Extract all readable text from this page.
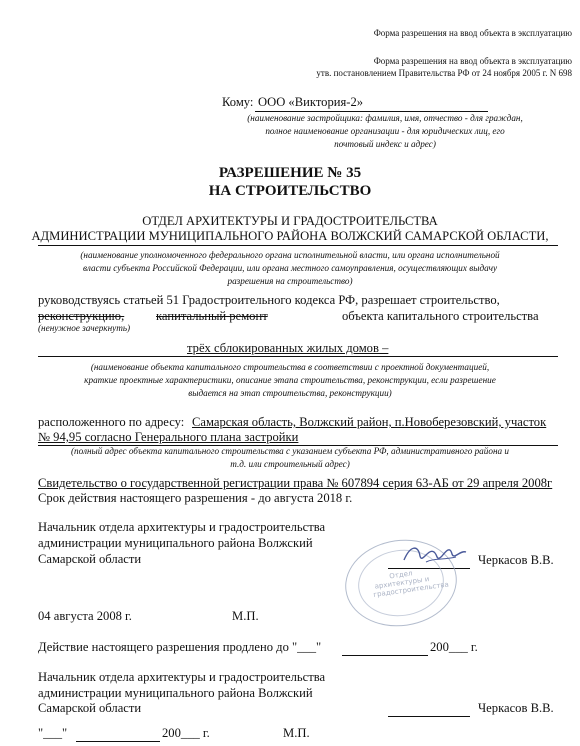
Форма разрешения на ввод объекта в эксплуатацию
Форма разрешения на ввод объекта в эксплуатацию
утв. постановлением Правительства РФ от 24 ноября 2005 г. N 698
Кому: ООО «Виктория-2»
(наименование застройщика: фамилия, имя, отчество - для граждан,
полное наименование организации - для юридических лиц, его
почтовый индекс и адрес)
РАЗРЕШЕНИЕ № 35
НА СТРОИТЕЛЬСТВО
ОТДЕЛ АРХИТЕКТУРЫ И ГРАДОСТРОИТЕЛЬСТВА
АДМИНИСТРАЦИИ МУНИЦИПАЛЬНОГО РАЙОНА ВОЛЖСКИЙ САМАРСКОЙ ОБЛАСТИ,
(наименование уполномоченного федерального органа исполнительной власти, или органа исполнительной
власти субъекта Российской Федерации, или органа местного самоуправления, осуществляющих выдачу
разрешения на строительство)
руководствуясь статьей 51 Градостроительного кодекса РФ, разрешает строительство,
реконструкцию,	капитальный ремонт	объекта капитального строительства
(ненужное зачеркнуть)
трёх сблокированных жилых домов –
(наименование объекта капитального строительства в соответствии с проектной документацией,
краткие проектные характеристики, описание этапа строительства, реконструкции, если разрешение
выдается на этап строительства, реконструкции)
расположенного по адресу: Самарская область, Волжский район, п.Новоберезовский, участок
№ 94,95 согласно Генерального плана застройки
(полный адрес объекта капитального строительства с указанием субъекта РФ, административного района и
т.д. или строительный адрес)
Свидетельство о государственной регистрации права № 607894 серия 63-АБ от 29 апреля 2008г
Срок действия настоящего разрешения - до августа 2018 г.
Начальник отдела архитектуры и градостроительства
администрации муниципального района Волжский
Самарской области	Черкасов В.В.
Отдел архитектуры и градостроительства
04 августа 2008 г.	М.П.
Действие настоящего разрешения продлено до "___"	200___ г.
Начальник отдела архитектуры и градостроительства
администрации муниципального района Волжский
Самарской области	Черкасов В.В.
"___"	200___ г.	М.П.
